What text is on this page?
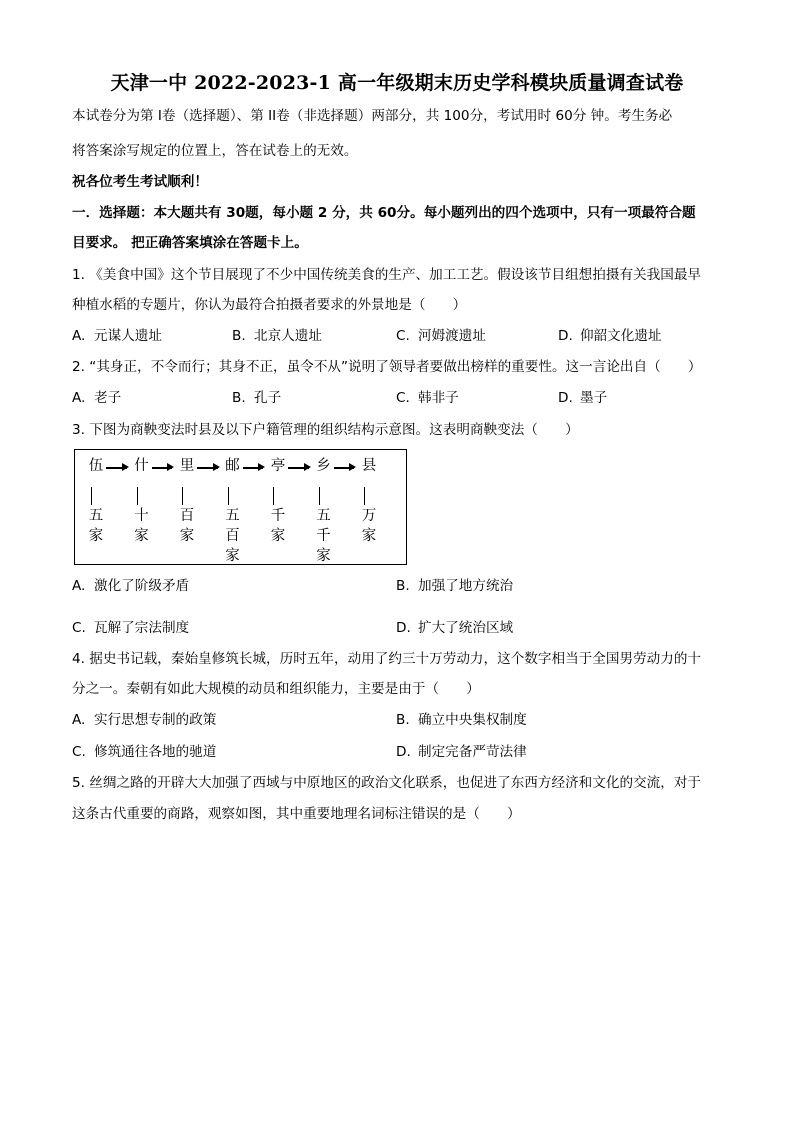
天津一中 2022-2023-1 高一年级期末历史学科模块质量调查试卷
本试卷分为第 I卷（选择题）、第 II卷（非选择题）两部分，共 100分，考试用时 60分 钟。考生务必
将答案涂写规定的位置上，答在试卷上的无效。
祝各位考生考试顺利！
一．选择题：本大题共有 30题，每小题 2 分，共 60分。每小题列出的四个选项中，只有一项最符合题
目要求。 把正确答案填涂在答题卡上。
1. 《美食中国》这个节目展现了不少中国传统美食的生产、加工工艺。假设该节目组想拍摄有关我国最早
种植水稻的专题片，你认为最符合拍摄者要求的外景地是（　　）
A. 元谋人遗址	B. 北京人遗址	C. 河姆渡遗址	D. 仰韶文化遗址
2. “其身正，不令而行；其身不正，虽令不从”说明了领导者要做出榜样的重要性。这一言论出自（　　）
A. 老子	B. 孔子	C. 韩非子	D. 墨子
3. 下图为商鞅变法时县及以下户籍管理的组织结构示意图。这表明商鞅变法（　　）
伍
五
家
什
十
家
里
百
家
邮
五
百
家
亭
千
家
乡
五
千
家
县
万
家
A. 激化了阶级矛盾	B. 加强了地方统治
C. 瓦解了宗法制度	D. 扩大了统治区域
4. 据史书记载，秦始皇修筑长城，历时五年，动用了约三十万劳动力，这个数字相当于全国男劳动力的十
分之一。秦朝有如此大规模的动员和组织能力，主要是由于（　　）
A. 实行思想专制的政策	B. 确立中央集权制度
C. 修筑通往各地的驰道	D. 制定完备严苛法律
5. 丝绸之路的开辟大大加强了西域与中原地区的政治文化联系，也促进了东西方经济和文化的交流，对于
这条古代重要的商路，观察如图，其中重要地理名词标注错误的是（　　）
